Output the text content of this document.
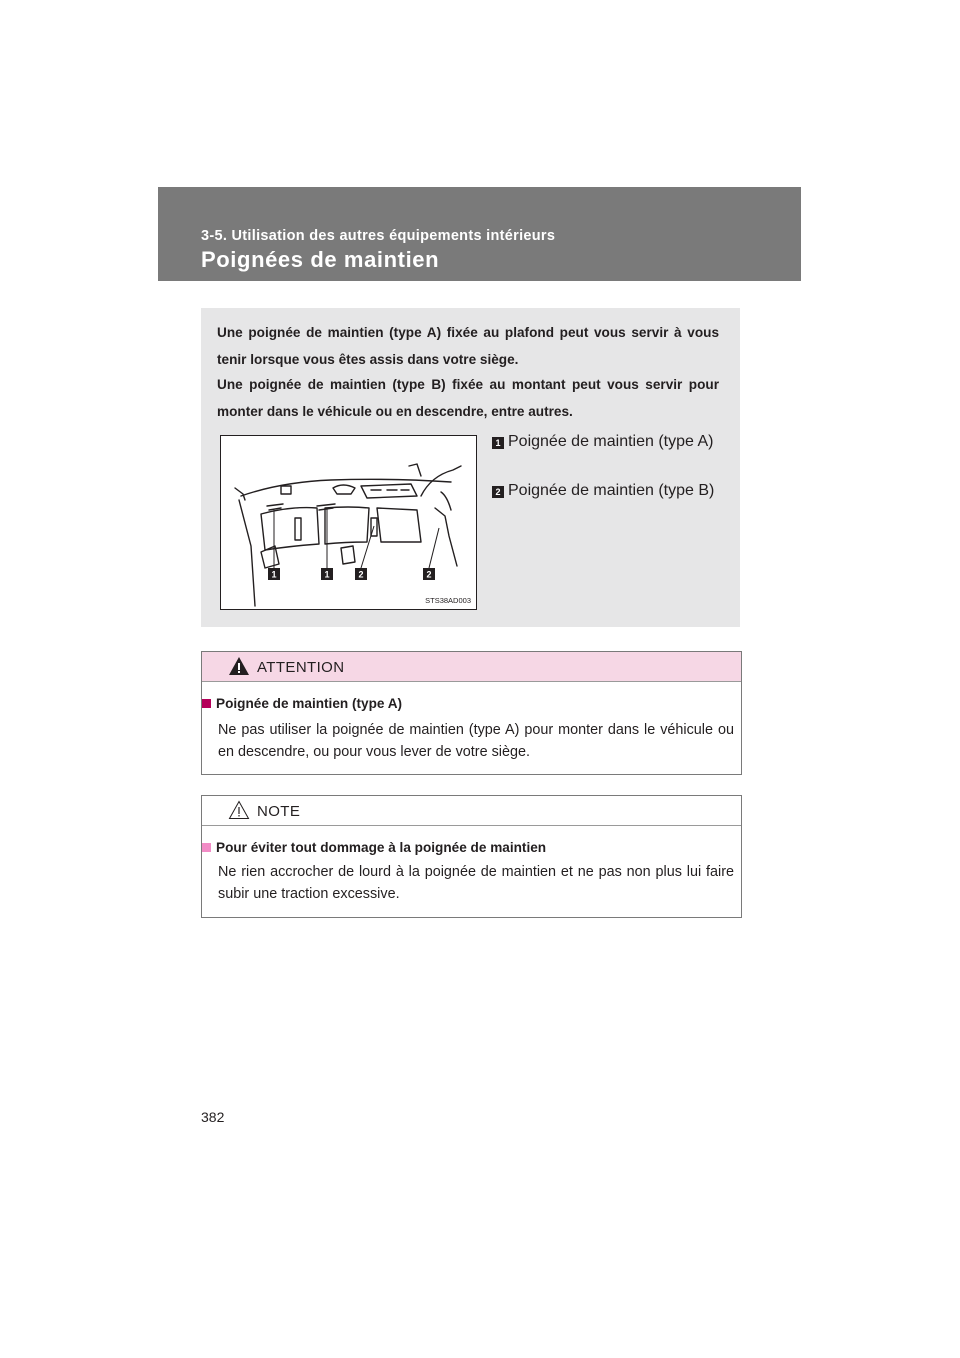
3-5. Utilisation des autres équipements intérieurs
Poignées de maintien

Une poignée de maintien (type A) fixée au plafond peut vous servir à vous tenir lorsque vous êtes assis dans votre siège.

Une poignée de maintien (type B) fixée au montant peut vous servir pour monter dans le véhicule ou en descendre, entre autres.

1	1	2	2
STS38AD003
1 Poignée de maintien (type A)
2 Poignée de maintien (type B)
ATTENTION
Poignée de maintien (type A)
Ne pas utiliser la poignée de maintien (type A) pour monter dans le véhicule ou en descendre, ou pour vous lever de votre siège.
NOTE
Pour éviter tout dommage à la poignée de maintien
Ne rien accrocher de lourd à la poignée de maintien et ne pas non plus lui faire subir une traction excessive.
382
